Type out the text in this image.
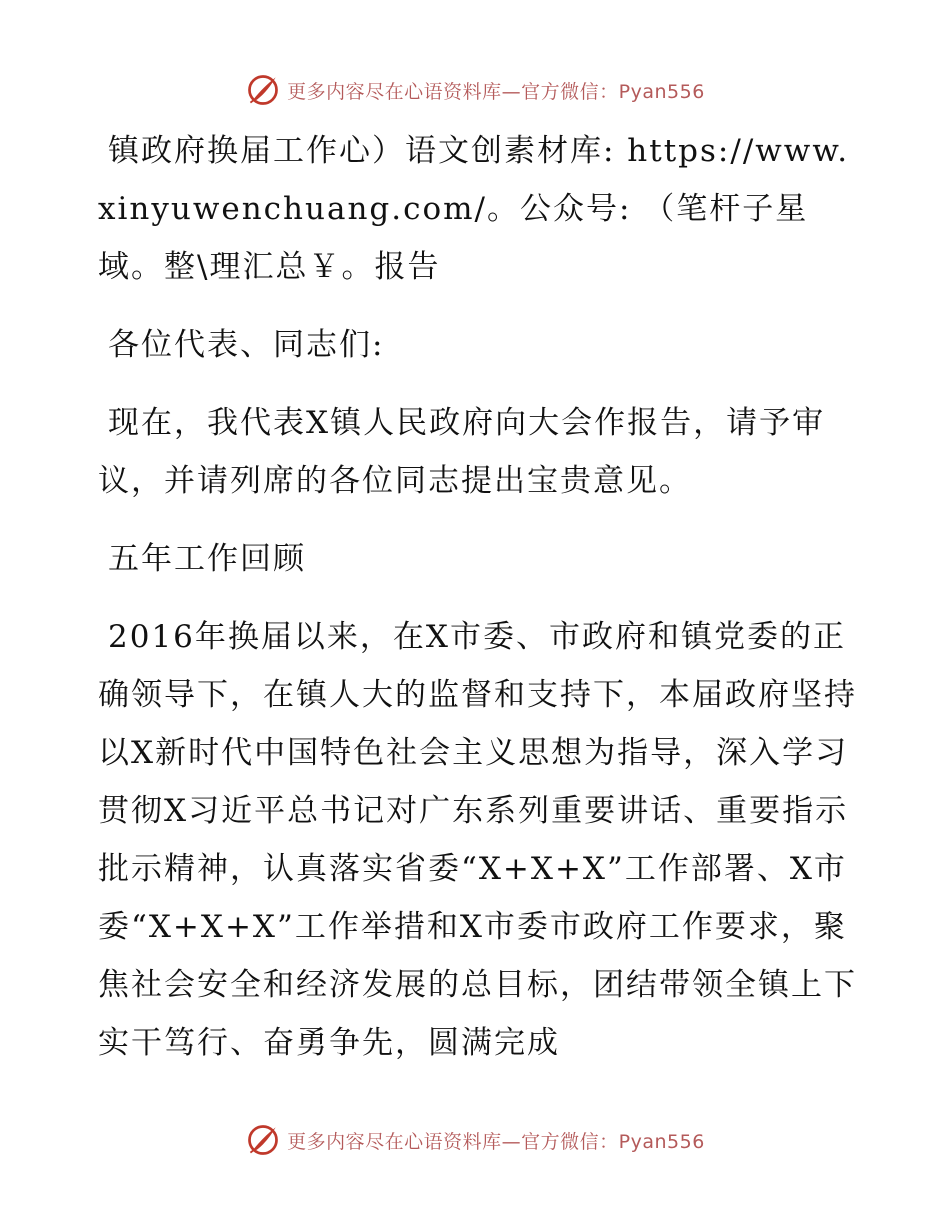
更多内容尽在心语资料库—官方微信：Pyan556

镇政府换届工作心）语文创素材库: https://www.xinyuwenchuang.com/。公众号: （笔杆子星域。整\理汇总￥。报告

各位代表、同志们:

现在，我代表X镇人民政府向大会作报告，请予审议，并请列席的各位同志提出宝贵意见。

五年工作回顾

2016年换届以来，在X市委、市政府和镇党委的正确领导下，在镇人大的监督和支持下，本届政府坚持以X新时代中国特色社会主义思想为指导，深入学习贯彻X习近平总书记对广东系列重要讲话、重要指示批示精神，认真落实省委“X+X+X”工作部署、X市委“X+X+X”工作举措和X市委市政府工作要求，聚焦社会安全和经济发展的总目标，团结带领全镇上下实干笃行、奋勇争先，圆满完成

更多内容尽在心语资料库—官方微信：Pyan556
